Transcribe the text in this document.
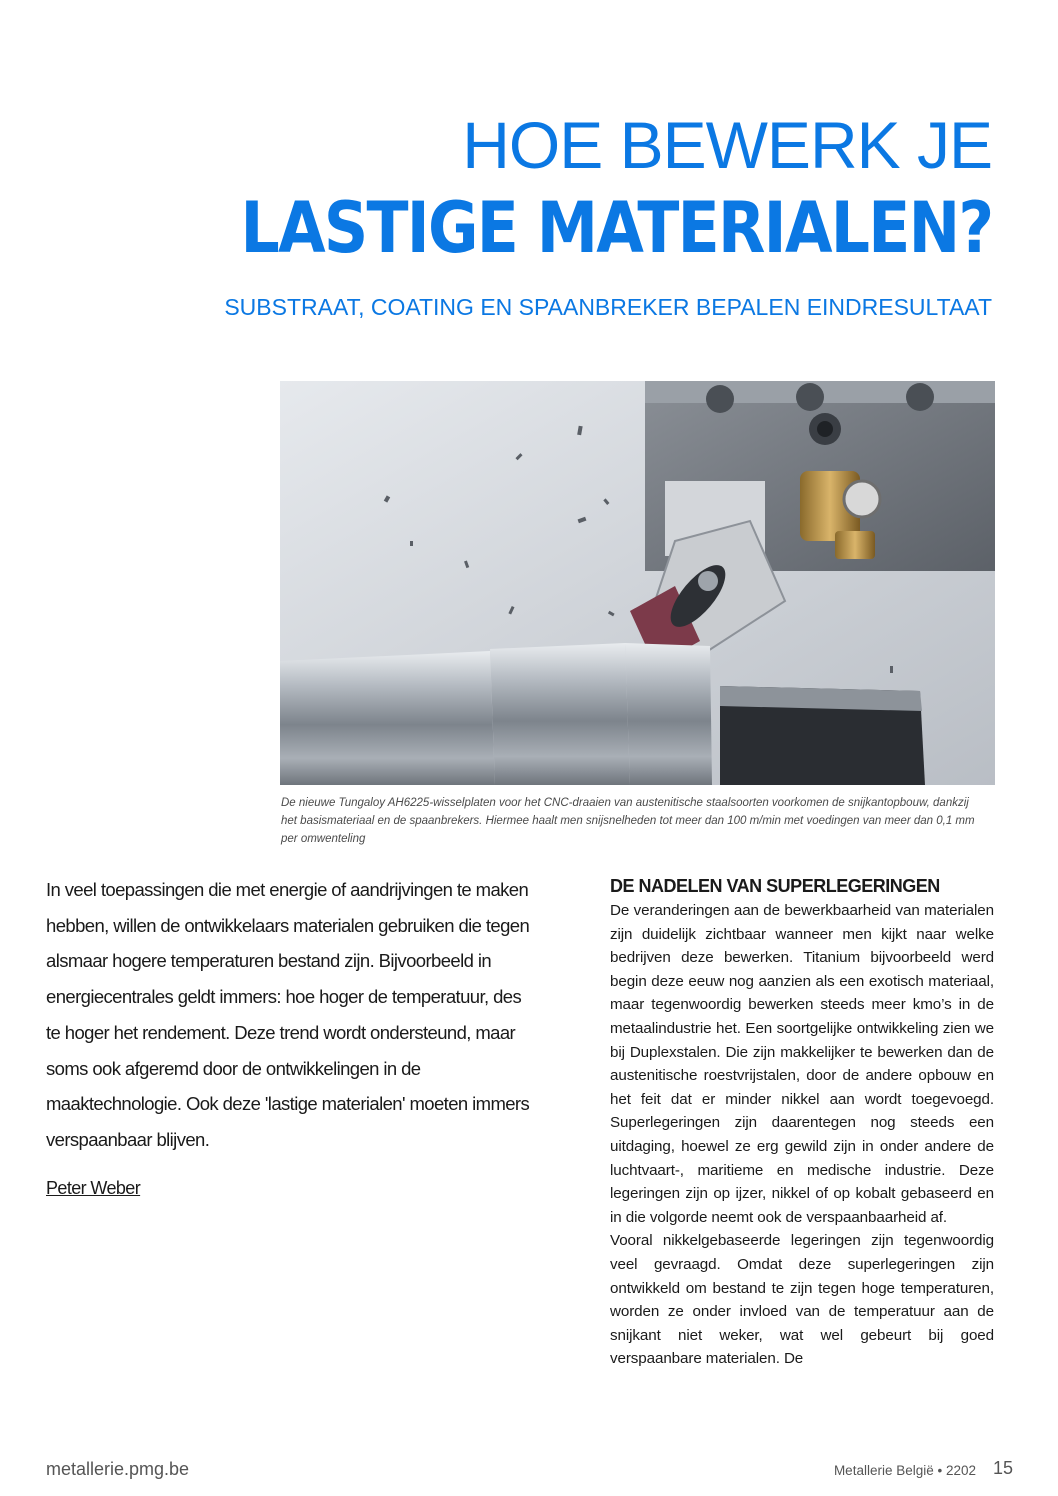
HOE BEWERK JE
LASTIGE MATERIALEN?
SUBSTRAAT, COATING EN SPAANBREKER BEPALEN EINDRESULTAAT

De nieuwe Tungaloy AH6225-wisselplaten voor het CNC-draaien van austenitische staalsoorten voorkomen de snijkantopbouw, dankzij het basismateriaal en de spaanbrekers. Hiermee haalt men snijsnelheden tot meer dan 100 m/min met voedingen van meer dan 0,1 mm per omwenteling

In veel toepassingen die met energie of aandrijvingen te maken hebben, willen de ontwikkelaars materialen gebruiken die tegen alsmaar hogere temperaturen bestand zijn. Bijvoorbeeld in energiecentrales geldt immers: hoe hoger de temperatuur, des te hoger het rendement. Deze trend wordt ondersteund, maar soms ook afgeremd door de ontwikkelingen in de maaktechnologie. Ook deze 'lastige materialen' moeten immers verspaanbaar blijven.

Peter Weber

DE NADELEN VAN SUPERLEGERINGEN

De veranderingen aan de bewerkbaarheid van materialen zijn duidelijk zichtbaar wanneer men kijkt naar welke bedrijven deze bewerken. Titanium bijvoorbeeld werd begin deze eeuw nog aanzien als een exotisch materiaal, maar tegenwoordig bewerken steeds meer kmo’s in de metaalindustrie het. Een soortgelijke ontwikkeling zien we bij Duplexstalen. Die zijn makkelijker te bewerken dan de austenitische roestvrijstalen, door de andere opbouw en het feit dat er minder nikkel aan wordt toegevoegd. Superlegeringen zijn daarentegen nog steeds een uitdaging, hoewel ze erg gewild zijn in onder andere de luchtvaart-, maritieme en medische industrie. Deze legeringen zijn op ijzer, nikkel of op kobalt gebaseerd en in die volgorde neemt ook de verspaanbaarheid af.

Vooral nikkelgebaseerde legeringen zijn tegenwoordig veel gevraagd. Omdat deze superlegeringen zijn ontwikkeld om bestand te zijn tegen hoge temperaturen, worden ze onder invloed van de temperatuur aan de snijkant niet weker, wat wel gebeurt bij goed verspaanbare materialen. De

metallerie.pmg.be	Metallerie België • 2202 15
